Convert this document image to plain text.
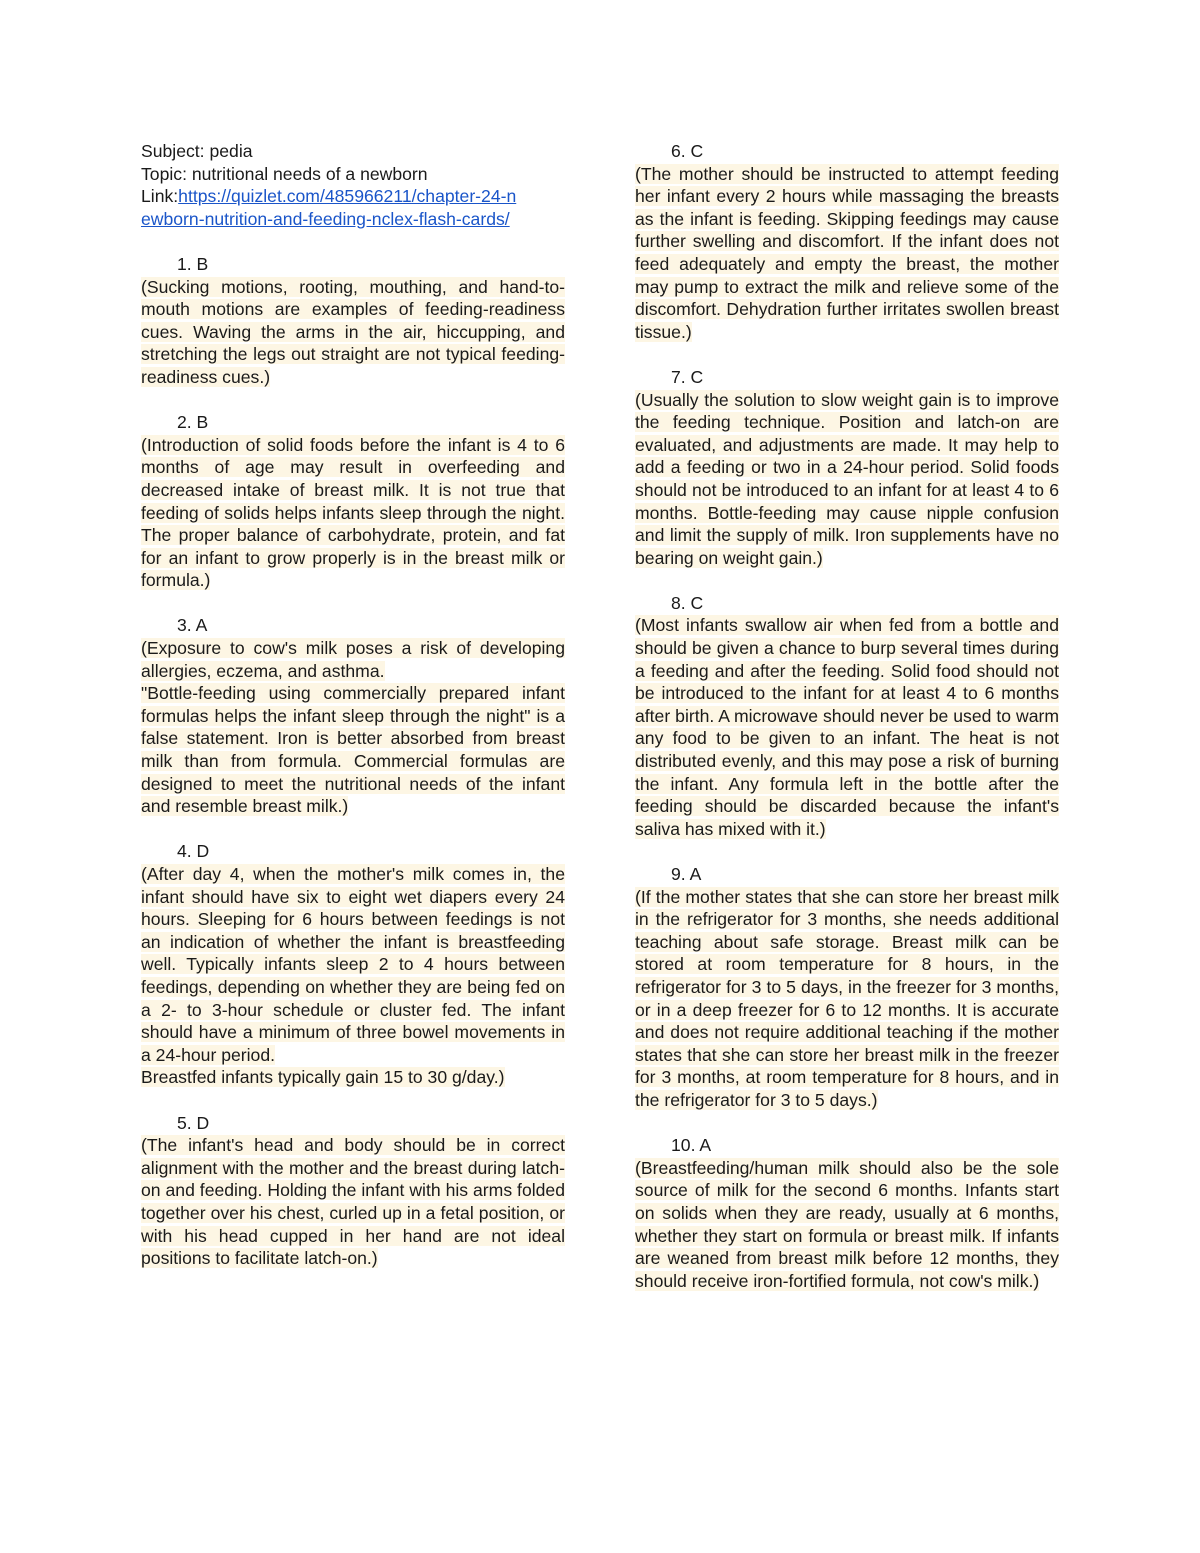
Subject: pedia
Topic: nutritional needs of a newborn
Link:https://quizlet.com/485966211/chapter-24-n
ewborn-nutrition-and-feeding-nclex-flash-cards/
1. B
(Sucking motions, rooting, mouthing, and hand-to-mouth motions are examples of feeding-readiness cues. Waving the arms in the air, hiccupping, and stretching the legs out straight are not typical feeding-readiness cues.)
2. B
(Introduction of solid foods before the infant is 4 to 6 months of age may result in overfeeding and decreased intake of breast milk. It is not true that feeding of solids helps infants sleep through the night. The proper balance of carbohydrate, protein, and fat for an infant to grow properly is in the breast milk or formula.)
3. A
(Exposure to cow's milk poses a risk of developing allergies, eczema, and asthma.
"Bottle-feeding using commercially prepared infant formulas helps the infant sleep through the night" is a false statement. Iron is better absorbed from breast milk than from formula. Commercial formulas are designed to meet the nutritional needs of the infant and resemble breast milk.)
4. D
(After day 4, when the mother's milk comes in, the infant should have six to eight wet diapers every 24 hours. Sleeping for 6 hours between feedings is not an indication of whether the infant is breastfeeding well. Typically infants sleep 2 to 4 hours between feedings, depending on whether they are being fed on a 2- to 3-hour schedule or cluster fed. The infant should have a minimum of three bowel movements in a 24-hour period.
Breastfed infants typically gain 15 to 30 g/day.)
5. D
(The infant's head and body should be in correct alignment with the mother and the breast during latch-on and feeding. Holding the infant with his arms folded together over his chest, curled up in a fetal position, or with his head cupped in her hand are not ideal positions to facilitate latch-on.)
6. C
(The mother should be instructed to attempt feeding her infant every 2 hours while massaging the breasts as the infant is feeding. Skipping feedings may cause further swelling and discomfort. If the infant does not feed adequately and empty the breast, the mother may pump to extract the milk and relieve some of the discomfort. Dehydration further irritates swollen breast tissue.)
7. C
(Usually the solution to slow weight gain is to improve the feeding technique. Position and latch-on are evaluated, and adjustments are made. It may help to add a feeding or two in a 24-hour period. Solid foods should not be introduced to an infant for at least 4 to 6 months. Bottle-feeding may cause nipple confusion and limit the supply of milk. Iron supplements have no bearing on weight gain.)
8. C
(Most infants swallow air when fed from a bottle and should be given a chance to burp several times during a feeding and after the feeding. Solid food should not be introduced to the infant for at least 4 to 6 months after birth. A microwave should never be used to warm any food to be given to an infant. The heat is not distributed evenly, and this may pose a risk of burning the infant. Any formula left in the bottle after the feeding should be discarded because the infant's saliva has mixed with it.)
9. A
(If the mother states that she can store her breast milk in the refrigerator for 3 months, she needs additional teaching about safe storage. Breast milk can be stored at room temperature for 8 hours, in the refrigerator for 3 to 5 days, in the freezer for 3 months, or in a deep freezer for 6 to 12 months. It is accurate and does not require additional teaching if the mother states that she can store her breast milk in the freezer for 3 months, at room temperature for 8 hours, and in the refrigerator for 3 to 5 days.)
10. A
(Breastfeeding/human milk should also be the sole source of milk for the second 6 months. Infants start on solids when they are ready, usually at 6 months, whether they start on formula or breast milk. If infants are weaned from breast milk before 12 months, they should receive iron-fortified formula, not cow's milk.)
